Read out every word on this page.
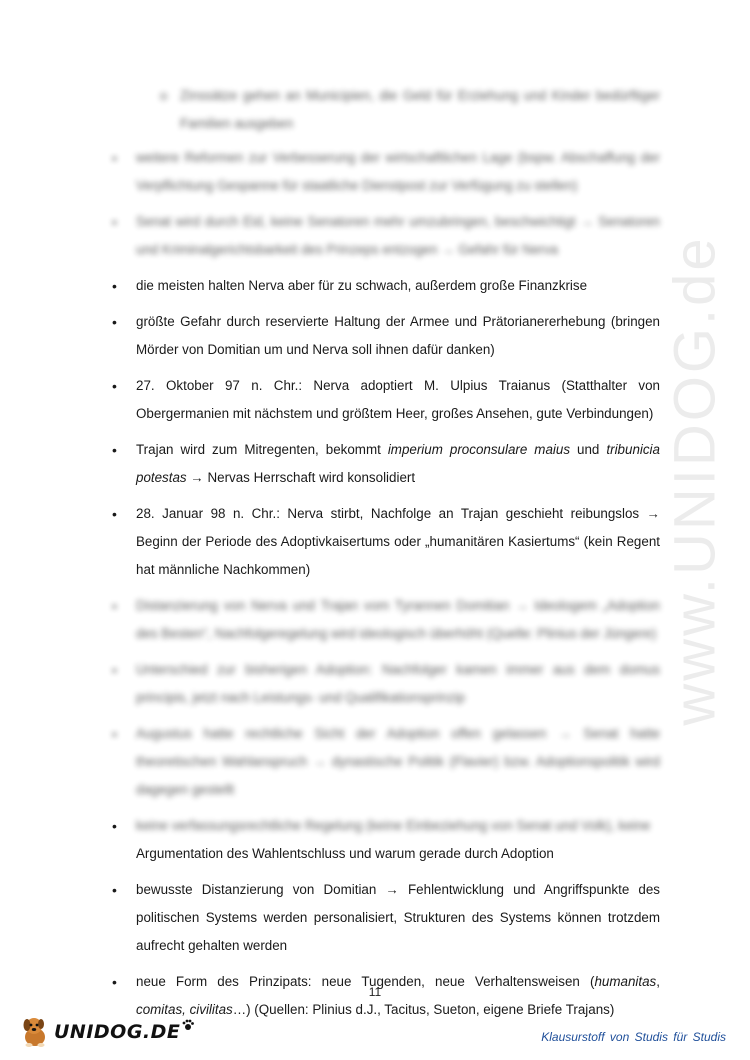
www.UNIDOG.de
o Zinssätze gehen an Municipien, die Geld für Erziehung und Kinder bedürftiger Familien ausgeben
• weitere Reformen zur Verbesserung der wirtschaftlichen Lage (bspw. Abschaffung der Verpflichtung Gespanne für staatliche Dienstpost zur Verfügung zu stellen)
• Senat wird durch Eid, keine Senatoren mehr umzubringen, beschwichtigt → Senatoren und Kriminalgerichtsbarkeit des Prinzeps entzogen → Gefahr für Nerva
• die meisten halten Nerva aber für zu schwach, außerdem große Finanzkrise
• größte Gefahr durch reservierte Haltung der Armee und Prätorianererhebung (bringen Mörder von Domitian um und Nerva soll ihnen dafür danken)
• 27. Oktober 97 n. Chr.: Nerva adoptiert M. Ulpius Traianus (Statthalter von Obergermanien mit nächstem und größtem Heer, großes Ansehen, gute Verbindungen)
• Trajan wird zum Mitregenten, bekommt imperium proconsulare maius und tribunicia potestas → Nervas Herrschaft wird konsolidiert
• 28. Januar 98 n. Chr.: Nerva stirbt, Nachfolge an Trajan geschieht reibungslos → Beginn der Periode des Adoptivkaisertums oder „humanitären Kasiertums“ (kein Regent hat männliche Nachkommen)
• Distanzierung von Nerva und Trajan vom Tyrannen Domitian → Ideologem „Adoption des Besten“, Nachfolgeregelung wird ideologisch überhöht (Quelle: Plinius der Jüngere)
• Unterschied zur bisherigen Adoption: Nachfolger kamen immer aus dem domus principis, jetzt nach Leistungs- und Qualifikationsprinzip
• Augustus hatte rechtliche Sicht der Adoption offen gelassen → Senat hatte theoretischen Wahlanspruch → dynastische Politik (Flavier) bzw. Adoptionspolitik wird dagegen gestellt
• keine verfassungsrechtliche Regelung (keine Einbeziehung von Senat und Volk), keine
Argumentation des Wahlentschluss und warum gerade durch Adoption
• bewusste Distanzierung von Domitian → Fehlentwicklung und Angriffspunkte des politischen Systems werden personalisiert, Strukturen des Systems können trotzdem aufrecht gehalten werden
• neue Form des Prinzipats: neue Tugenden, neue Verhaltensweisen (humanitas, comitas, civilitas…) (Quellen: Plinius d.J., Tacitus, Sueton, eigene Briefe Trajans)
11
UNIDOG.DE	Klausurstoff von Studis für Studis
